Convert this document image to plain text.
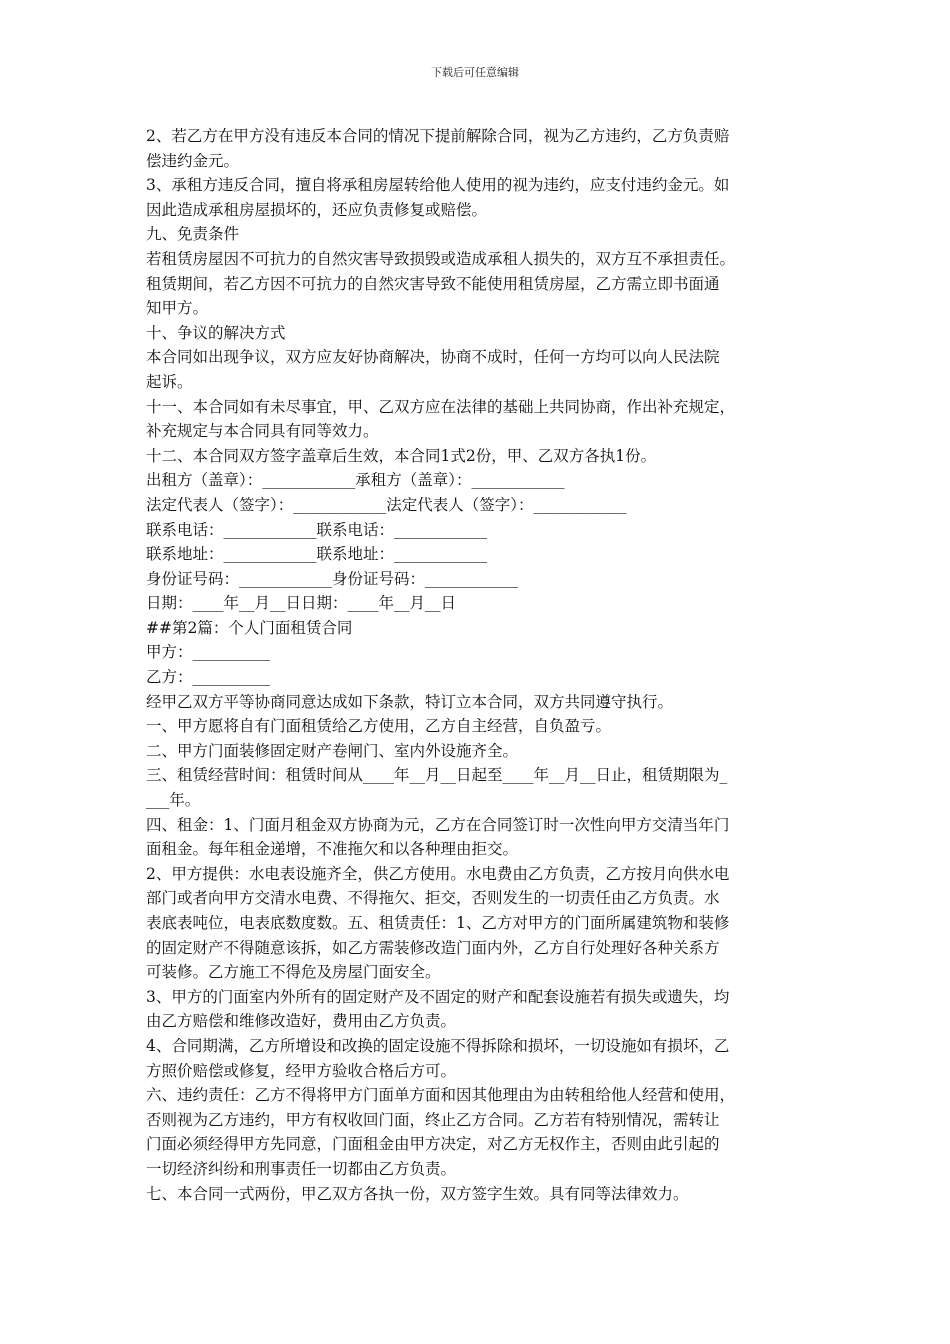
下载后可任意编辑
2、若乙方在甲方没有违反本合同的情况下提前解除合同，视为乙方违约，乙方负责赔
偿违约金元。
3、承租方违反合同，擅自将承租房屋转给他人使用的视为违约，应支付违约金元。如
因此造成承租房屋损坏的，还应负责修复或赔偿。
九、免责条件
若租赁房屋因不可抗力的自然灾害导致损毁或造成承租人损失的，双方互不承担责任。
租赁期间，若乙方因不可抗力的自然灾害导致不能使用租赁房屋，乙方需立即书面通
知甲方。
十、争议的解决方式
本合同如出现争议，双方应友好协商解决，协商不成时，任何一方均可以向人民法院
起诉。
十一、本合同如有未尽事宜，甲、乙双方应在法律的基础上共同协商，作出补充规定，
补充规定与本合同具有同等效力。
十二、本合同双方签字盖章后生效，本合同1式2份，甲、乙双方各执1份。
出租方（盖章）：____________承租方（盖章）：____________
法定代表人（签字）：____________法定代表人（签字）：____________
联系电话：____________联系电话：____________
联系地址：____________联系地址：____________
身份证号码：____________身份证号码：____________
日期：____年__月__日日期：____年__月__日
##第2篇：个人门面租赁合同
甲方：__________
乙方：__________
经甲乙双方平等协商同意达成如下条款，特订立本合同，双方共同遵守执行。
一、甲方愿将自有门面租赁给乙方使用，乙方自主经营，自负盈亏。
二、甲方门面装修固定财产卷闸门、室内外设施齐全。
三、租赁经营时间：租赁时间从____年__月__日起至____年__月__日止，租赁期限为_
___年。
四、租金：1、门面月租金双方协商为元，乙方在合同签订时一次性向甲方交清当年门
面租金。每年租金递增，不准拖欠和以各种理由拒交。
2、甲方提供：水电表设施齐全，供乙方使用。水电费由乙方负责，乙方按月向供水电
部门或者向甲方交清水电费、不得拖欠、拒交，否则发生的一切责任由乙方负责。水
表底表吨位，电表底数度数。五、租赁责任：1、乙方对甲方的门面所属建筑物和装修
的固定财产不得随意该拆，如乙方需装修改造门面内外，乙方自行处理好各种关系方
可装修。乙方施工不得危及房屋门面安全。
3、甲方的门面室内外所有的固定财产及不固定的财产和配套设施若有损失或遗失，均
由乙方赔偿和维修改造好，费用由乙方负责。
4、合同期满，乙方所增设和改换的固定设施不得拆除和损坏，一切设施如有损坏，乙
方照价赔偿或修复，经甲方验收合格后方可。
六、违约责任：乙方不得将甲方门面单方面和因其他理由为由转租给他人经营和使用，
否则视为乙方违约，甲方有权收回门面，终止乙方合同。乙方若有特别情况，需转让
门面必须经得甲方先同意，门面租金由甲方决定，对乙方无权作主，否则由此引起的
一切经济纠纷和刑事责任一切都由乙方负责。
七、本合同一式两份，甲乙双方各执一份，双方签字生效。具有同等法律效力。
